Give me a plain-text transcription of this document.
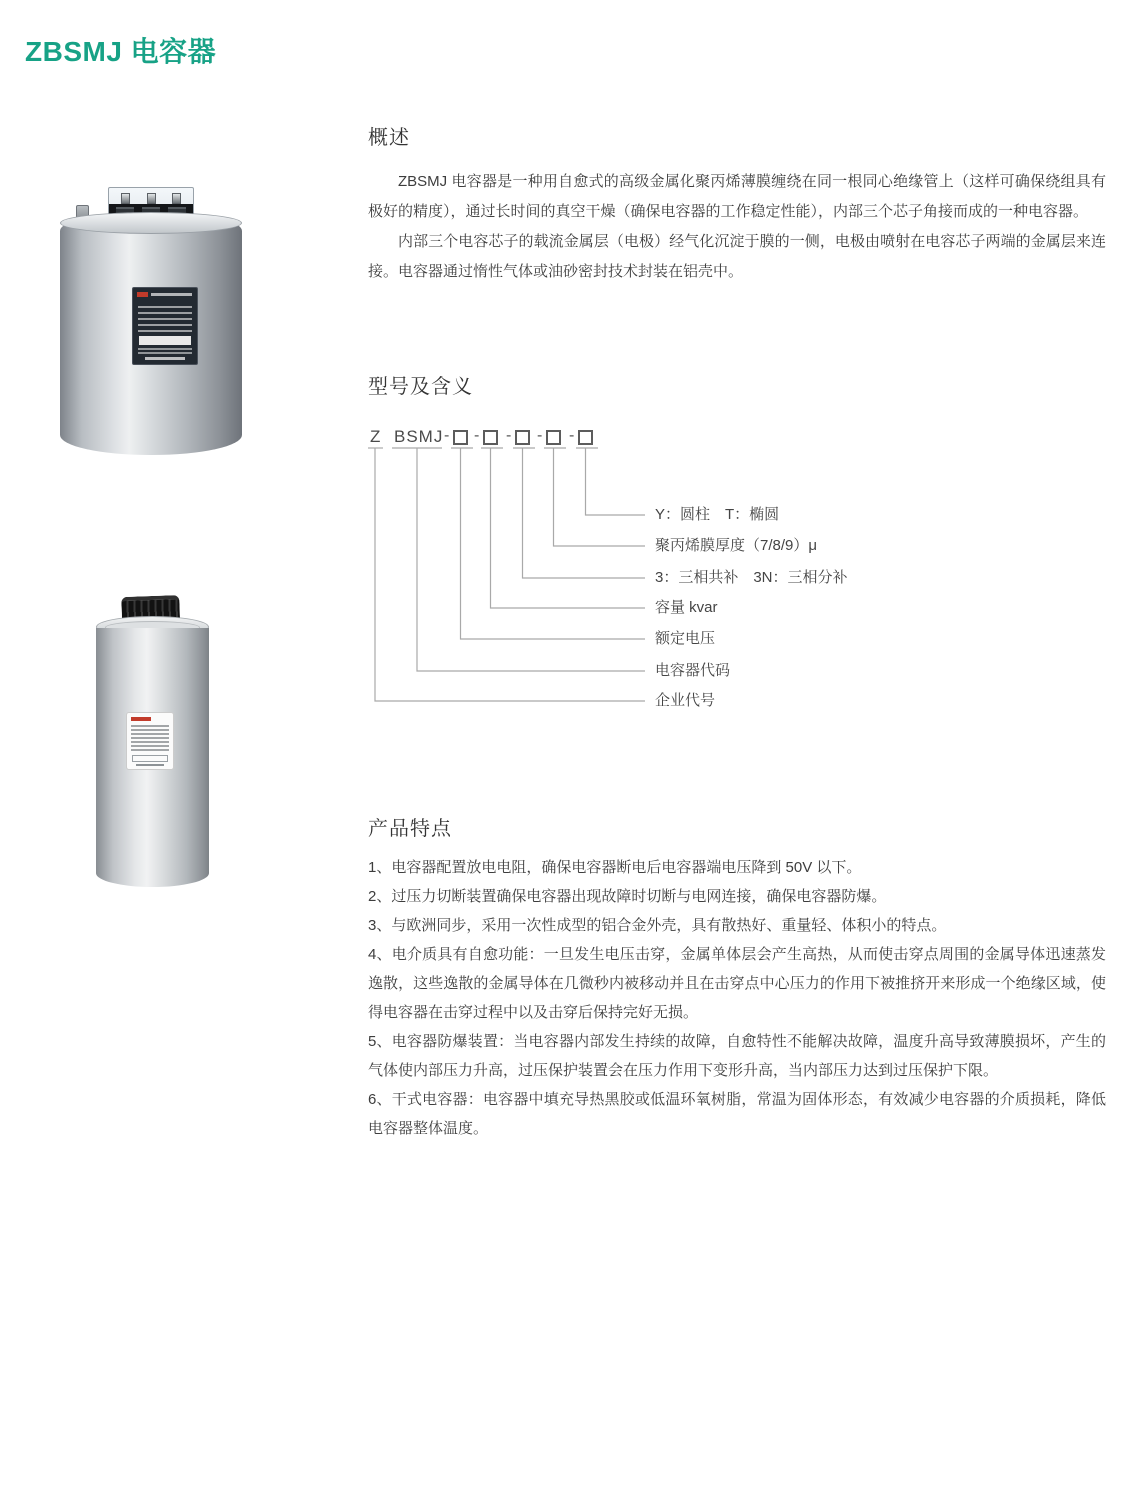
ZBSMJ 电容器
概述

ZBSMJ 电容器是一种用自愈式的高级金属化聚丙烯薄膜缠绕在同一根同心绝缘管上（这样可确保绕组具有极好的精度），通过长时间的真空干燥（确保电容器的工作稳定性能），内部三个芯子角接而成的一种电容器。

内部三个电容芯子的载流金属层（电极）经气化沉淀于膜的一侧，电极由喷射在电容芯子两端的金属层来连接。电容器通过惰性气体或油砂密封技术封装在铝壳中。

型号及含义
Z BSMJ - - - - -
Y：圆柱　T：椭圆
聚丙烯膜厚度（7/8/9）μ
3：三相共补　3N：三相分补
容量 kvar
额定电压
电容器代码
企业代号
产品特点

1、电容器配置放电电阻，确保电容器断电后电容器端电压降到 50V 以下。

2、过压力切断装置确保电容器出现故障时切断与电网连接，确保电容器防爆。

3、与欧洲同步，采用一次性成型的铝合金外壳，具有散热好、重量轻、体积小的特点。

4、电介质具有自愈功能：一旦发生电压击穿，金属单体层会产生高热，从而使击穿点周围的金属导体迅速蒸发逸散，这些逸散的金属导体在几微秒内被移动并且在击穿点中心压力的作用下被推挤开来形成一个绝缘区域，使得电容器在击穿过程中以及击穿后保持完好无损。

5、电容器防爆装置：当电容器内部发生持续的故障，自愈特性不能解决故障，温度升高导致薄膜损坏，产生的气体使内部压力升高，过压保护装置会在压力作用下变形升高，当内部压力达到过压保护下限。

6、干式电容器：电容器中填充导热黑胶或低温环氧树脂，常温为固体形态，有效减少电容器的介质损耗，降低电容器整体温度。
